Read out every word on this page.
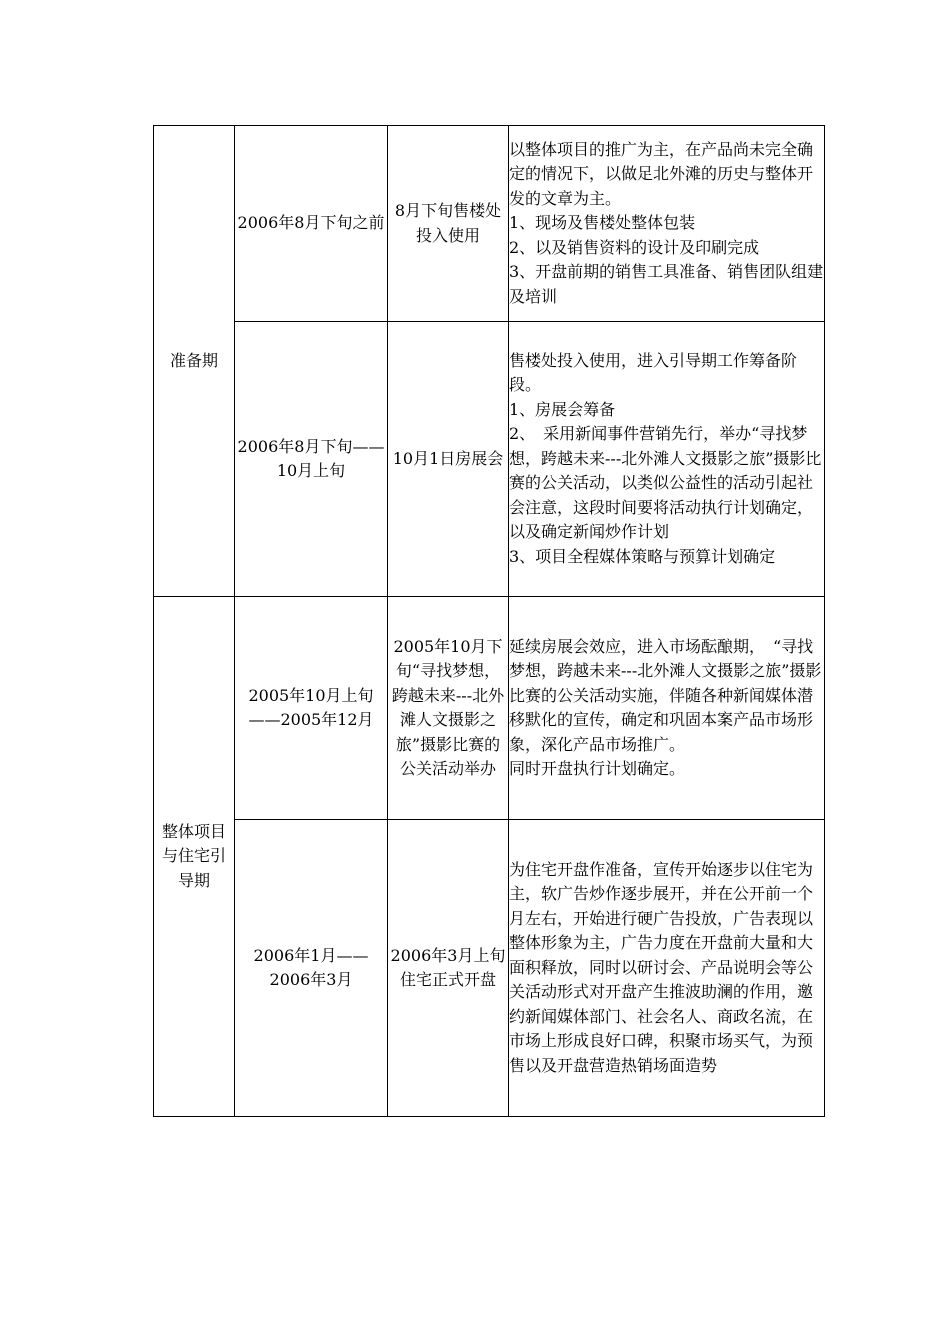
准备期	2006年8月下旬之前	8月下旬售楼处投入使用	以整体项目的推广为主，在产品尚未完全确定的情况下，以做足北外滩的历史与整体开发的文章为主。

1、现场及售楼处整体包装

2、以及销售资料的设计及印刷完成

3、开盘前期的销售工具准备、销售团队组建及培训

	2006年8月下旬——10月上旬	10月1日房展会	售楼处投入使用，进入引导期工作筹备阶段。

1、房展会筹备

2、　采用新闻事件营销先行，举办“寻找梦想，跨越未来---北外滩人文摄影之旅”摄影比赛的公关活动，以类似公益性的活动引起社会注意，这段时间要将活动执行计划确定，以及确定新闻炒作计划

3、项目全程媒体策略与预算计划确定

整体项目与住宅引导期	2005年10月上旬——2005年12月	2005年10月下旬“寻找梦想，跨越未来---北外滩人文摄影之旅”摄影比赛的公关活动举办	延续房展会效应，进入市场酝酿期，　“寻找梦想，跨越未来---北外滩人文摄影之旅”摄影比赛的公关活动实施，伴随各种新闻媒体潜移默化的宣传，确定和巩固本案产品市场形象，深化产品市场推广。

同时开盘执行计划确定。

	2006年1月——2006年3月	2006年3月上旬住宅正式开盘	为住宅开盘作准备，宣传开始逐步以住宅为主，软广告炒作逐步展开，并在公开前一个月左右，开始进行硬广告投放，广告表现以整体形象为主，广告力度在开盘前大量和大面积释放，同时以研讨会、产品说明会等公关活动形式对开盘产生推波助澜的作用，邀约新闻媒体部门、社会名人、商政名流，在市场上形成良好口碑，积聚市场买气，为预售以及开盘营造热销场面造势
